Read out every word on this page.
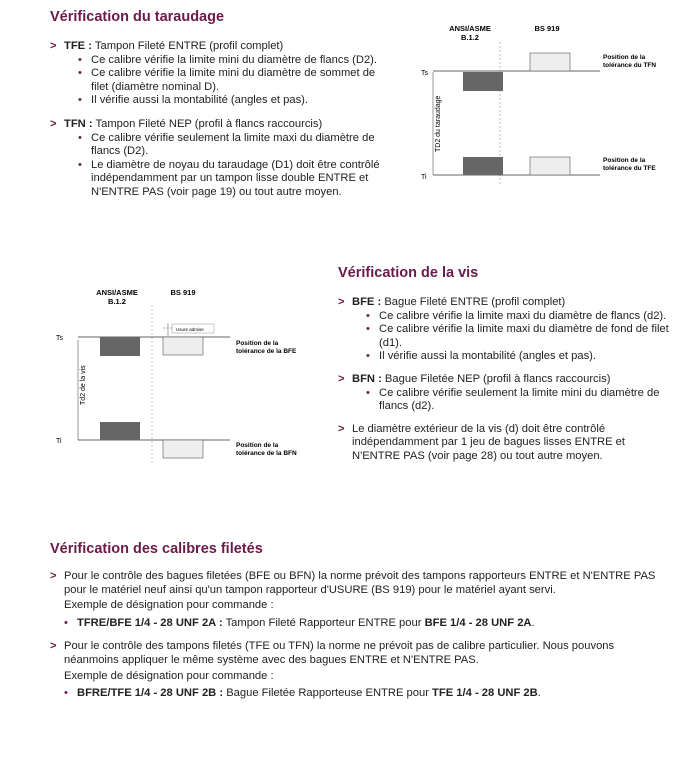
Vérification du taraudage
> TFE : Tampon Fileté ENTRE (profil complet)

• Ce calibre vérifie la limite mini du diamètre de flancs (D2).

• Ce calibre vérifie la limite mini du diamètre de sommet de filet (diamètre nominal D).

• Il vérifie aussi la montabilité (angles et pas).

> TFN : Tampon Fileté NEP (profil à flancs raccourcis)

• Ce calibre vérifie seulement la limite maxi du diamètre de flancs (D2).

• Le diamètre de noyau du taraudage (D1) doit être contrôlé indépendamment par un tampon lisse double ENTRE et N'ENTRE PAS (voir page 19) ou tout autre moyen.

ANSI/ASME
B.1.2
BS 919
TD2 du taraudage
Ts
Position de la
tolérance du TFN
Ti
Position de la
tolérance du TFE
ANSI/ASME
B.1.2
BS 919
Td2 de la vis
Ts
Usure admise
Position de la
tolérance de la BFE
Ti
Position de la
tolérance de la BFN
Vérification de la vis
> BFE : Bague Fileté ENTRE (profil complet)

• Ce calibre vérifie la limite maxi du diamètre de flancs (d2).

• Ce calibre vérifie la limite maxi du diamètre de fond de filet (d1).

• Il vérifie aussi la montabilité (angles et pas).

> BFN : Bague Filetée NEP (profil à flancs raccourcis)

• Ce calibre vérifie seulement la limite mini du diamètre de flancs (d2).

> Le diamètre extérieur de la vis (d) doit être contrôlé indépendamment par 1 jeu de bagues lisses ENTRE et N'ENTRE PAS (voir page 28) ou tout autre moyen.
Vérification des calibres filetés
> Pour le contrôle des bagues filetées (BFE ou BFN) la norme prévoit des tampons rapporteurs ENTRE et N'ENTRE PAS pour le matériel neuf ainsi qu'un tampon rapporteur d'USURE (BS 919) pour le matériel ayant servi.
Exemple de désignation pour commande :

• TFRE/BFE 1/4 - 28 UNF 2A : Tampon Fileté Rapporteur ENTRE pour BFE 1/4 - 28 UNF 2A.

> Pour le contrôle des tampons filetés (TFE ou TFN) la norme ne prévoit pas de calibre particulier. Nous pouvons néanmoins appliquer le même système avec des bagues ENTRE et N'ENTRE PAS.
Exemple de désignation pour commande :

• BFRE/TFE 1/4 - 28 UNF 2B : Bague Filetée Rapporteuse ENTRE pour TFE 1/4 - 28 UNF 2B.
